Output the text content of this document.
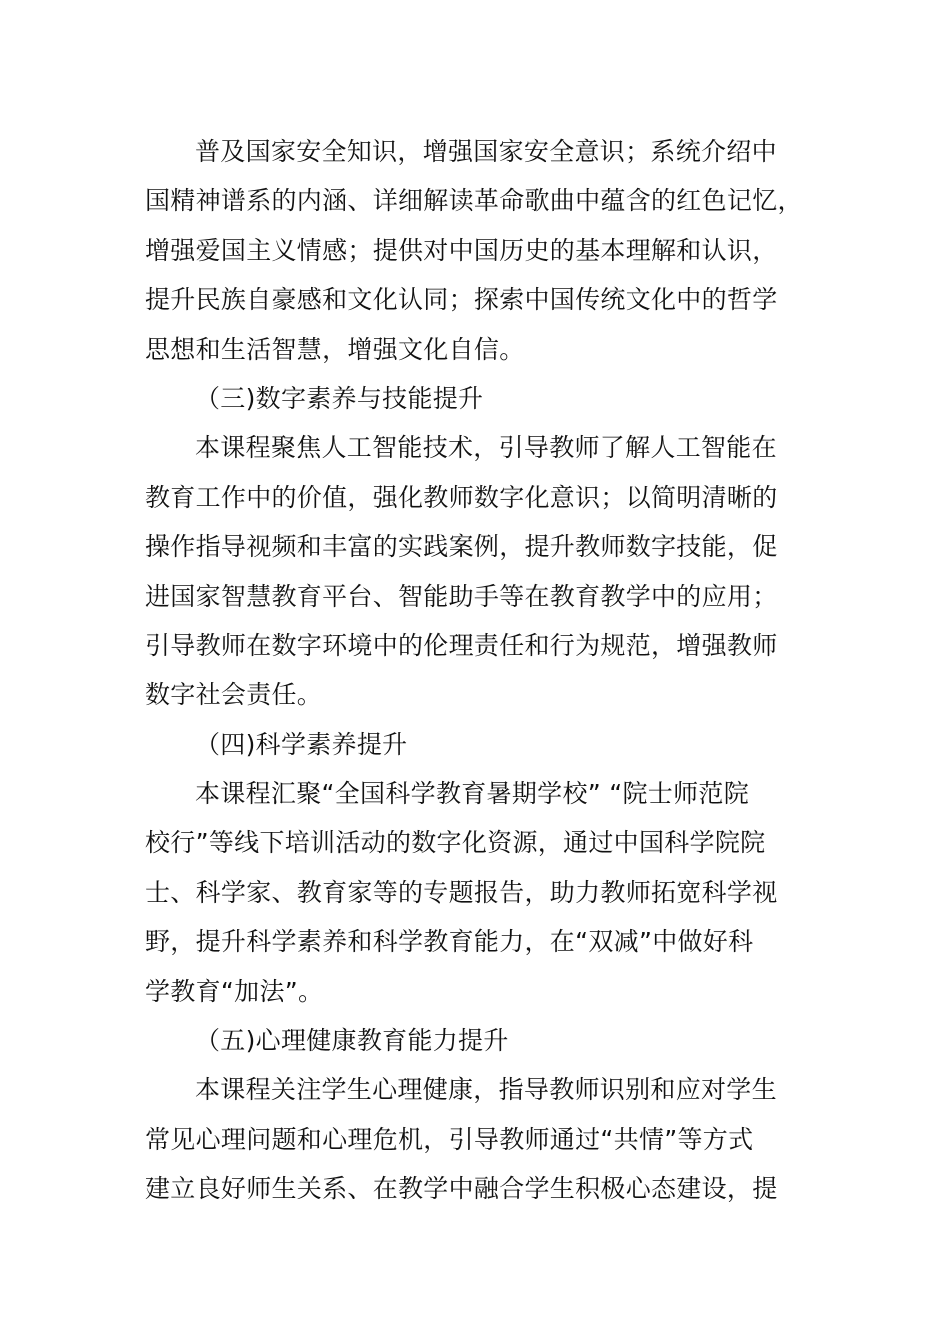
普及国家安全知识，增强国家安全意识；系统介绍中
国精神谱系的内涵、详细解读革命歌曲中蕴含的红色记忆，
增强爱国主义情感；提供对中国历史的基本理解和认识，
提升民族自豪感和文化认同；探索中国传统文化中的哲学
思想和生活智慧，增强文化自信。
（三)数字素养与技能提升
本课程聚焦人工智能技术，引导教师了解人工智能在
教育工作中的价值，强化教师数字化意识；以简明清晰的
操作指导视频和丰富的实践案例，提升教师数字技能，促
进国家智慧教育平台、智能助手等在教育教学中的应用；
引导教师在数字环境中的伦理责任和行为规范，增强教师
数字社会责任。
（四)科学素养提升
本课程汇聚“全国科学教育暑期学校” “院士师范院
校行”等线下培训活动的数字化资源，通过中国科学院院
士、科学家、教育家等的专题报告，助力教师拓宽科学视
野，提升科学素养和科学教育能力，在“双减”中做好科
学教育“加法”。
（五)心理健康教育能力提升
本课程关注学生心理健康，指导教师识别和应对学生
常见心理问题和心理危机，引导教师通过“共情”等方式
建立良好师生关系、在教学中融合学生积极心态建设，提
